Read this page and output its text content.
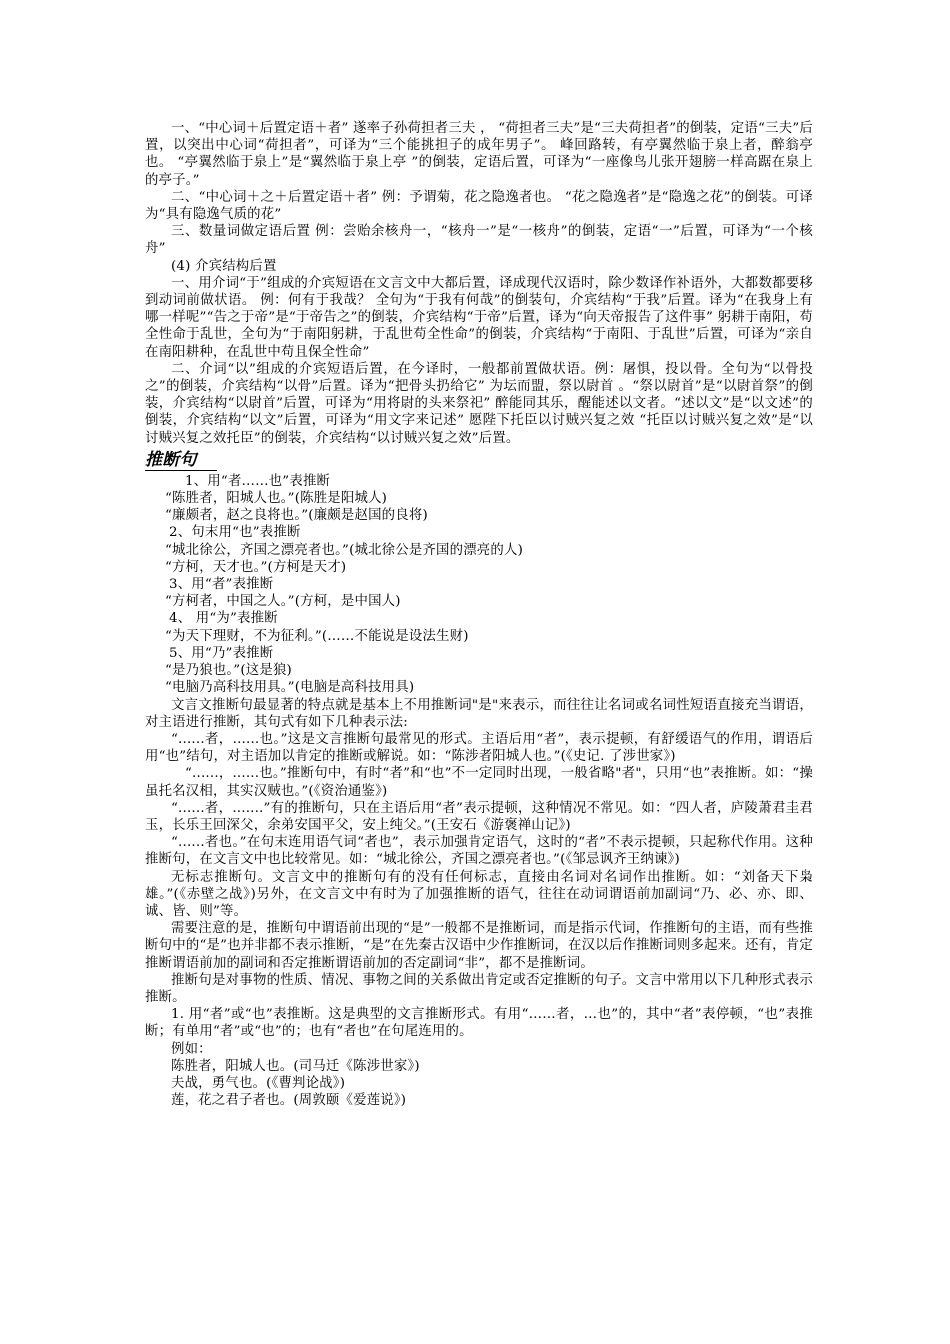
一、“中心词＋后置定语＋者” 遂率子孙荷担者三夫 ， “荷担者三夫”是“三夫荷担者”的倒装，定语“三夫”后置，以突出中心词“荷担者”，可译为“三个能挑担子的成年男子”。 峰回路转，有亭翼然临于泉上者，醉翁亭也。 “亭翼然临于泉上”是“翼然临于泉上亭 ”的倒装，定语后置，可译为“一座像鸟儿张开翅膀一样高踞在泉上的亭子。”

二、“中心词＋之＋后置定语＋者” 例：予谓菊，花之隐逸者也。 “花之隐逸者”是“隐逸之花”的倒装。可译为“具有隐逸气质的花”

三、数量词做定语后置 例：尝贻余核舟一，“核舟一”是“一核舟”的倒装，定语“一”后置，可译为“一个核舟”

(4) 介宾结构后置

一、用介词“于”组成的介宾短语在文言文中大都后置，译成现代汉语时，除少数译作补语外，大都数都要移到动词前做状语。 例：何有于我哉？ 全句为“于我有何哉”的倒装句，介宾结构“于我”后置。译为“在我身上有哪一样呢”“告之于帝”是“于帝告之”的倒装，介宾结构“于帝”后置，译为“向天帝报告了这件事” 躬耕于南阳，苟全性命于乱世，全句为“于南阳躬耕，于乱世苟全性命”的倒装，介宾结构“于南阳、于乱世”后置，可译为“亲自在南阳耕种，在乱世中苟且保全性命”

二、介词“以”组成的介宾短语后置，在今译时，一般都前置做状语。例：屠惧，投以骨。全句为“以骨投之”的倒装，介宾结构“以骨”后置。译为“把骨头扔给它” 为坛而盟，祭以尉首 。“祭以尉首”是“以尉首祭”的倒装，介宾结构“以尉首”后置，可译为“用将尉的头来祭祀” 醉能同其乐，醒能述以文者。“述以文”是“以文述”的倒装，介宾结构“以文”后置，可译为“用文字来记述” 愿陛下托臣以讨贼兴复之效 “托臣以讨贼兴复之效”是“以讨贼兴复之效托臣”的倒装，介宾结构“以讨贼兴复之效”后置。

推断句

1、用“者……也”表推断

“陈胜者，阳城人也。”(陈胜是阳城人)

“廉颇者，赵之良将也。”(廉颇是赵国的良将)

2、句末用“也”表推断

“城北徐公，齐国之漂亮者也。”(城北徐公是齐国的漂亮的人)

“方柯，天才也。”(方柯是天才)

3、用“者”表推断

“方柯者，中国之人。”(方柯，是中国人)

4、 用“为”表推断

“为天下理财，不为征利。”(……不能说是设法生财)

5、用“乃”表推断

“是乃狼也。”(这是狼)

“电脑乃高科技用具。”(电脑是高科技用具)

文言文推断句最显著的特点就是基本上不用推断词"是"来表示，而往往让名词或名词性短语直接充当谓语，对主语进行推断，其句式有如下几种表示法:

“......者，......也。”这是文言推断句最常见的形式。主语后用“者”，表示提顿，有舒缓语气的作用，谓语后用“也”结句，对主语加以肯定的推断或解说。如：“陈涉者阳城人也。”(《史记. 了涉世家》)

“......，......也。”推断句中，有时“者”和“也”不一定同时出现，一般省略"者"，只用“也”表推断。如：“操虽托名汉相，其实汉贼也。”(《资治通鉴》)

“......者，.......”有的推断句，只在主语后用“者”表示提顿，这种情况不常见。如：“四人者，庐陵萧君圭君玉，长乐王回深父，余弟安国平父，安上纯父。”(王安石《游褒禅山记》)

“......者也。”在句末连用语气词“者也”，表示加强肯定语气，这时的“者”不表示提顿，只起称代作用。这种推断句，在文言文中也比较常见。如：“城北徐公，齐国之漂亮者也。”(《邹忌讽齐王纳谏》)

无标志推断句。文言文中的推断句有的没有任何标志，直接由名词对名词作出推断。如：“刘备天下枭雄。”(《赤壁之战》)另外，在文言文中有时为了加强推断的语气，往往在动词谓语前加副词“乃、必、亦、即、诚、皆、则”等。

需要注意的是，推断句中谓语前出现的“是”一般都不是推断词，而是指示代词，作推断句的主语，而有些推断句中的“是”也并非都不表示推断，“是”在先秦古汉语中少作推断词，在汉以后作推断词则多起来。还有，肯定推断谓语前加的副词和否定推断谓语前加的否定副词“非”，都不是推断词。

推断句是对事物的性质、情况、事物之间的关系做出肯定或否定推断的句子。文言中常用以下几种形式表示推断。

1. 用“者”或“也”表推断。这是典型的文言推断形式。有用“……者，…也”的，其中“者”表停顿，“也”表推断；有单用“者”或“也”的；也有“者也”在句尾连用的。

例如：

陈胜者，阳城人也。(司马迁《陈涉世家》)

夫战，勇气也。(《曹判论战》)

莲，花之君子者也。(周敦颐《爱莲说》)
